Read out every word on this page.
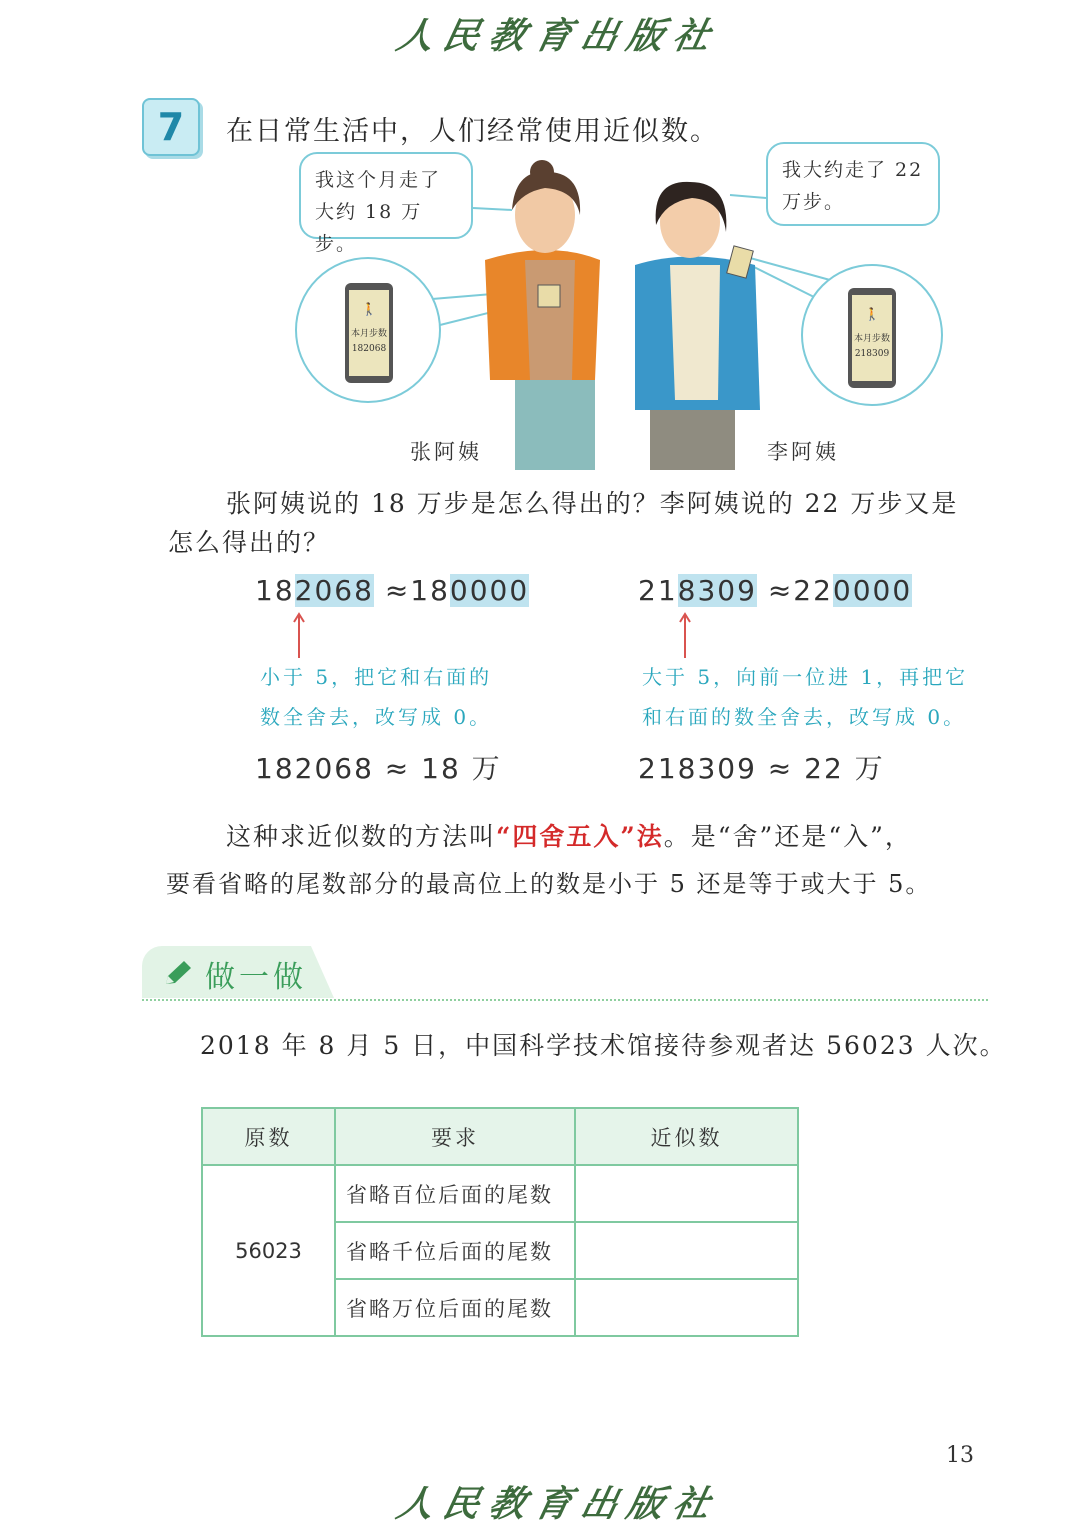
人民教育出版社
人民教育出版社
7	在日常生活中，人们经常使用近似数。
🚶
本月步数
182068
🚶
本月步数
218309
我这个月走了
大约 18 万步。
我大约走了 22
万步。
张阿姨	李阿姨
张阿姨说的 18 万步是怎么得出的？李阿姨说的 22 万步又是
怎么得出的？
182068 ≈180000
小于 5，把它和右面的
数全舍去，改写成 0。
182068 ≈ 18 万
218309 ≈220000
大于 5，向前一位进 1，再把它
和右面的数全舍去，改写成 0。
218309 ≈ 22 万
这种求近似数的方法叫“四舍五入”法。是“舍”还是“入”，
要看省略的尾数部分的最高位上的数是小于 5 还是等于或大于 5。
做一做
2018 年 8 月 5 日，中国科学技术馆接待参观者达 56023 人次。
原数	要求	近似数
56023	省略百位后面的尾数	
	省略千位后面的尾数	
	省略万位后面的尾数	
13
